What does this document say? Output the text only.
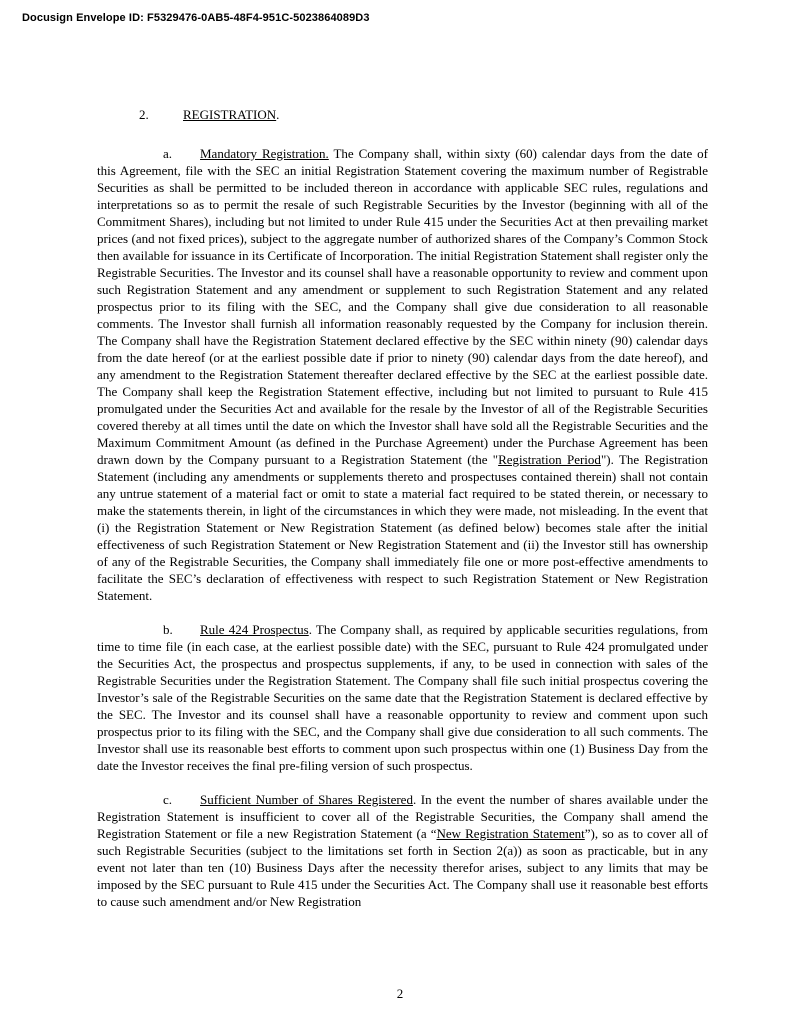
Docusign Envelope ID: F5329476-0AB5-48F4-951C-5023864089D3
2.	REGISTRATION.

a. Mandatory Registration. The Company shall, within sixty (60) calendar days from the date of this Agreement, file with the SEC an initial Registration Statement covering the maximum number of Registrable Securities as shall be permitted to be included thereon in accordance with applicable SEC rules, regulations and interpretations so as to permit the resale of such Registrable Securities by the Investor (beginning with all of the Commitment Shares), including but not limited to under Rule 415 under the Securities Act at then prevailing market prices (and not fixed prices), subject to the aggregate number of authorized shares of the Company’s Common Stock then available for issuance in its Certificate of Incorporation. The initial Registration Statement shall register only the Registrable Securities. The Investor and its counsel shall have a reasonable opportunity to review and comment upon such Registration Statement and any amendment or supplement to such Registration Statement and any related prospectus prior to its filing with the SEC, and the Company shall give due consideration to all reasonable comments. The Investor shall furnish all information reasonably requested by the Company for inclusion therein. The Company shall have the Registration Statement declared effective by the SEC within ninety (90) calendar days from the date hereof (or at the earliest possible date if prior to ninety (90) calendar days from the date hereof), and any amendment to the Registration Statement thereafter declared effective by the SEC at the earliest possible date. The Company shall keep the Registration Statement effective, including but not limited to pursuant to Rule 415 promulgated under the Securities Act and available for the resale by the Investor of all of the Registrable Securities covered thereby at all times until the date on which the Investor shall have sold all the Registrable Securities and the Maximum Commitment Amount (as defined in the Purchase Agreement) under the Purchase Agreement has been drawn down by the Company pursuant to a Registration Statement (the "Registration Period"). The Registration Statement (including any amendments or supplements thereto and prospectuses contained therein) shall not contain any untrue statement of a material fact or omit to state a material fact required to be stated therein, or necessary to make the statements therein, in light of the circumstances in which they were made, not misleading. In the event that (i) the Registration Statement or New Registration Statement (as defined below) becomes stale after the initial effectiveness of such Registration Statement or New Registration Statement and (ii) the Investor still has ownership of any of the Registrable Securities, the Company shall immediately file one or more post-effective amendments to facilitate the SEC’s declaration of effectiveness with respect to such Registration Statement or New Registration Statement.

b. Rule 424 Prospectus. The Company shall, as required by applicable securities regulations, from time to time file (in each case, at the earliest possible date) with the SEC, pursuant to Rule 424 promulgated under the Securities Act, the prospectus and prospectus supplements, if any, to be used in connection with sales of the Registrable Securities under the Registration Statement. The Company shall file such initial prospectus covering the Investor’s sale of the Registrable Securities on the same date that the Registration Statement is declared effective by the SEC. The Investor and its counsel shall have a reasonable opportunity to review and comment upon such prospectus prior to its filing with the SEC, and the Company shall give due consideration to all such comments. The Investor shall use its reasonable best efforts to comment upon such prospectus within one (1) Business Day from the date the Investor receives the final pre-filing version of such prospectus.

c. Sufficient Number of Shares Registered. In the event the number of shares available under the Registration Statement is insufficient to cover all of the Registrable Securities, the Company shall amend the Registration Statement or file a new Registration Statement (a “New Registration Statement”), so as to cover all of such Registrable Securities (subject to the limitations set forth in Section 2(a)) as soon as practicable, but in any event not later than ten (10) Business Days after the necessity therefor arises, subject to any limits that may be imposed by the SEC pursuant to Rule 415 under the Securities Act. The Company shall use it reasonable best efforts to cause such amendment and/or New Registration

2
